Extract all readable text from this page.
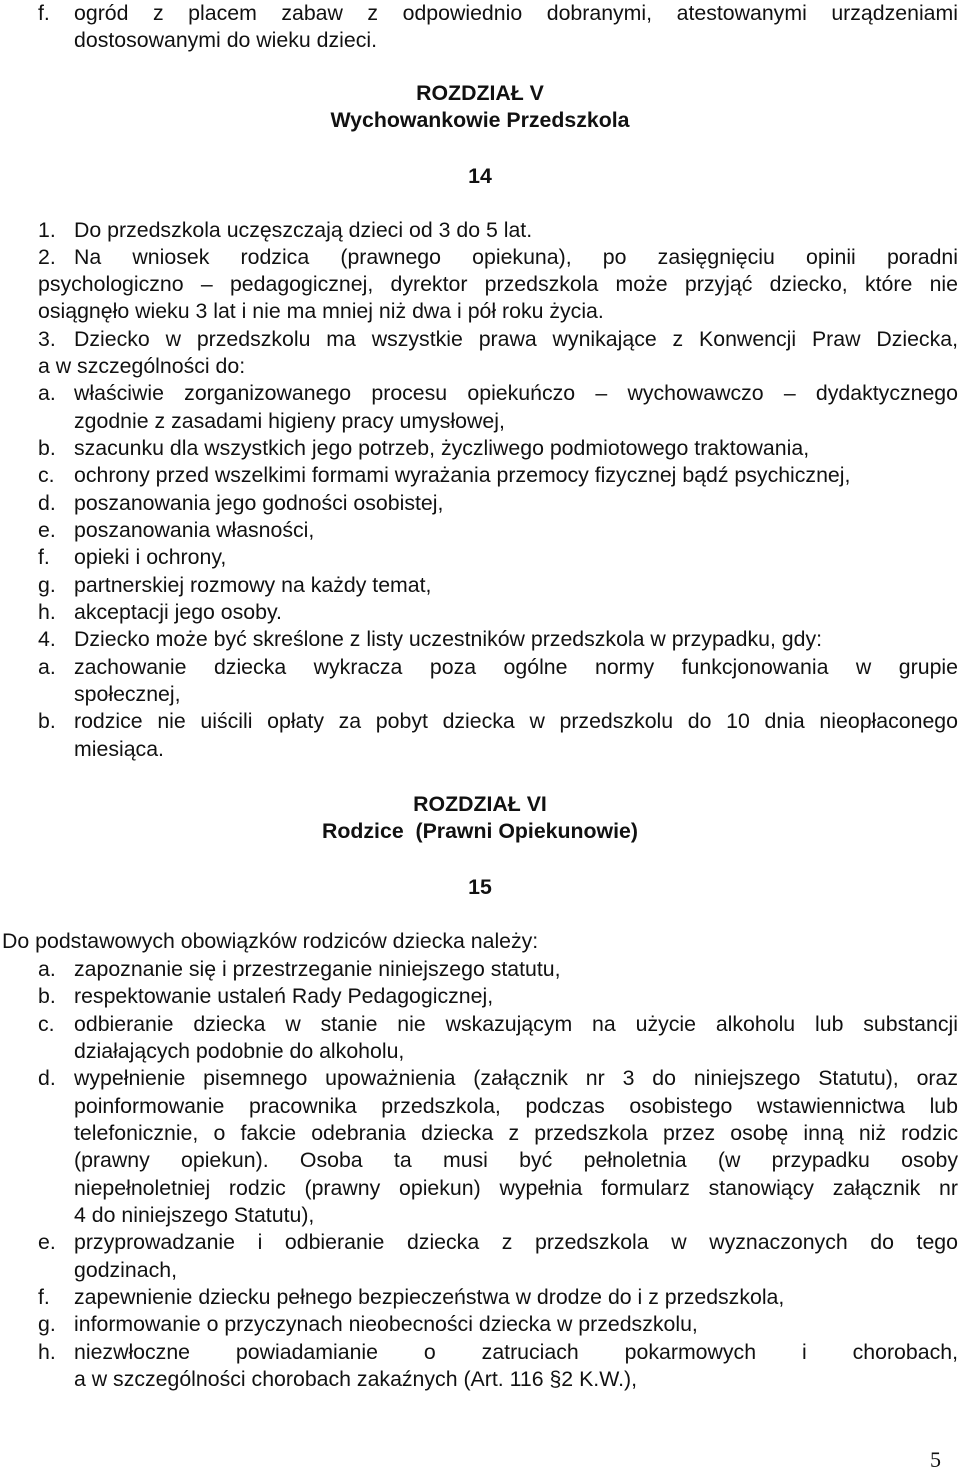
f. ogród z placem zabaw z odpowiednio dobranymi, atestowanymi urządzeniami
dostosowanymi do wieku dzieci.
ROZDZIAŁ V
Wychowankowie Przedszkola
14
1. Do przedszkola uczęszczają dzieci od 3 do 5 lat.
2. Na wniosek rodzica (prawnego opiekuna), po zasięgnięciu opinii poradni
psychologiczno – pedagogicznej, dyrektor przedszkola może przyjąć dziecko, które nie
osiągnęło wieku 3 lat i nie ma mniej niż dwa i pół roku życia.
3. Dziecko w przedszkolu ma wszystkie prawa wynikające z Konwencji Praw Dziecka,
a w szczególności do:
a. właściwie zorganizowanego procesu opiekuńczo – wychowawczo – dydaktycznego
zgodnie z zasadami higieny pracy umysłowej,
b. szacunku dla wszystkich jego potrzeb, życzliwego podmiotowego traktowania,
c. ochrony przed wszelkimi formami wyrażania przemocy fizycznej bądź psychicznej,
d. poszanowania jego godności osobistej,
e. poszanowania własności,
f. opieki i ochrony,
g. partnerskiej rozmowy na każdy temat,
h. akceptacji jego osoby.
4. Dziecko może być skreślone z listy uczestników przedszkola w przypadku, gdy:
a. zachowanie dziecka wykracza poza ogólne normy funkcjonowania w grupie
społecznej,
b. rodzice nie uiścili opłaty za pobyt dziecka w przedszkolu do 10 dnia nieopłaconego
miesiąca.
ROZDZIAŁ VI
Rodzice  (Prawni Opiekunowie)
15
Do podstawowych obowiązków rodziców dziecka należy:
a. zapoznanie się i przestrzeganie niniejszego statutu,
b. respektowanie ustaleń Rady Pedagogicznej,
c. odbieranie dziecka w stanie nie wskazującym na użycie alkoholu lub substancji
działających podobnie do alkoholu,
d. wypełnienie pisemnego upoważnienia (załącznik nr 3 do niniejszego Statutu), oraz
poinformowanie pracownika przedszkola, podczas osobistego wstawiennictwa lub
telefonicznie, o fakcie odebrania dziecka z przedszkola przez osobę inną niż rodzic
(prawny opiekun). Osoba ta musi być pełnoletnia (w przypadku osoby
niepełnoletniej rodzic (prawny opiekun) wypełnia formularz stanowiący załącznik nr
4 do niniejszego Statutu),
e. przyprowadzanie i odbieranie dziecka z przedszkola w wyznaczonych do tego
godzinach,
f. zapewnienie dziecku pełnego bezpieczeństwa w drodze do i z przedszkola,
g. informowanie o przyczynach nieobecności dziecka w przedszkolu,
h. niezwłoczne powiadamianie o zatruciach pokarmowych i chorobach,
a w szczególności chorobach zakaźnych (Art. 116 §2 K.W.),
5
